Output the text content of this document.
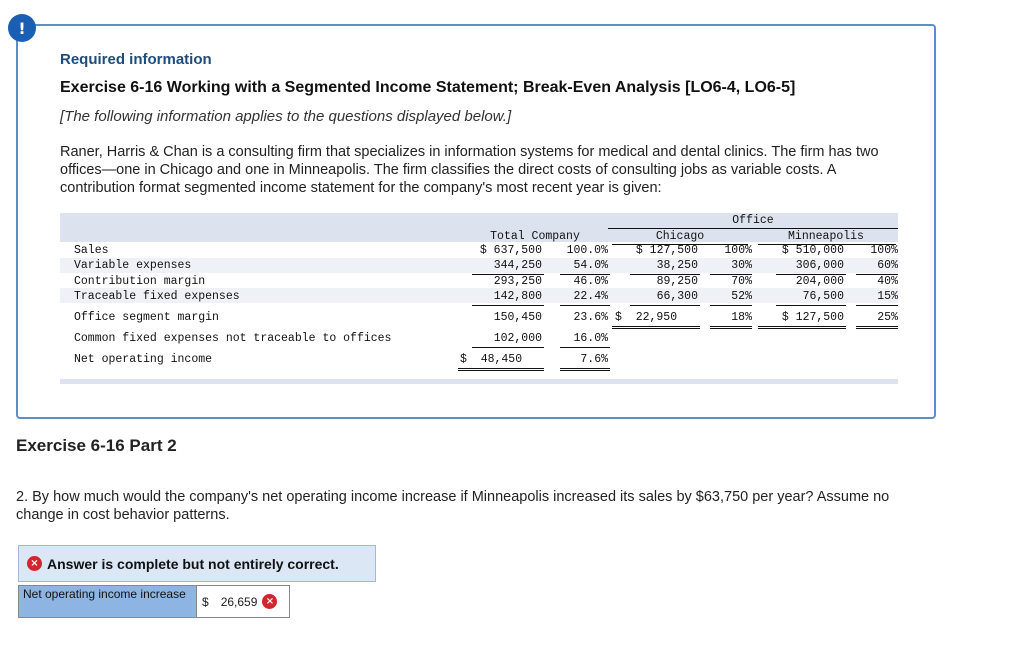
!
Required information
Exercise 6-16 Working with a Segmented Income Statement; Break-Even Analysis [LO6-4, LO6-5]
[The following information applies to the questions displayed below.]
Raner, Harris & Chan is a consulting firm that specializes in information systems for medical and dental clinics. The firm has two offices—one in Chicago and one in Minneapolis. The firm classifies the direct costs of consulting jobs as variable costs. A contribution format segmented income statement for the company's most recent year is given:
Office
Total Company	Chicago	Minneapolis
Sales	$ 637,500	100.0%	$ 127,500	100%	$ 510,000	100%
Variable expenses	344,250	54.0%	38,250	30%	306,000	60%
Contribution margin	293,250	46.0%	89,250	70%	204,000	40%
Traceable fixed expenses	142,800	22.4%	66,300	52%	76,500	15%
Office segment margin	150,450	23.6% $  22,950	18%	$ 127,500	25%
Common fixed expenses not traceable to offices	102,000	16.0%
Net operating income	$  48,450	7.6%
Exercise 6-16 Part 2
2. By how much would the company's net operating income increase if Minneapolis increased its sales by $63,750 per year? Assume no change in cost behavior patterns.
× Answer is complete but not entirely correct.
Net operating income increase
$ 26,659 ×
